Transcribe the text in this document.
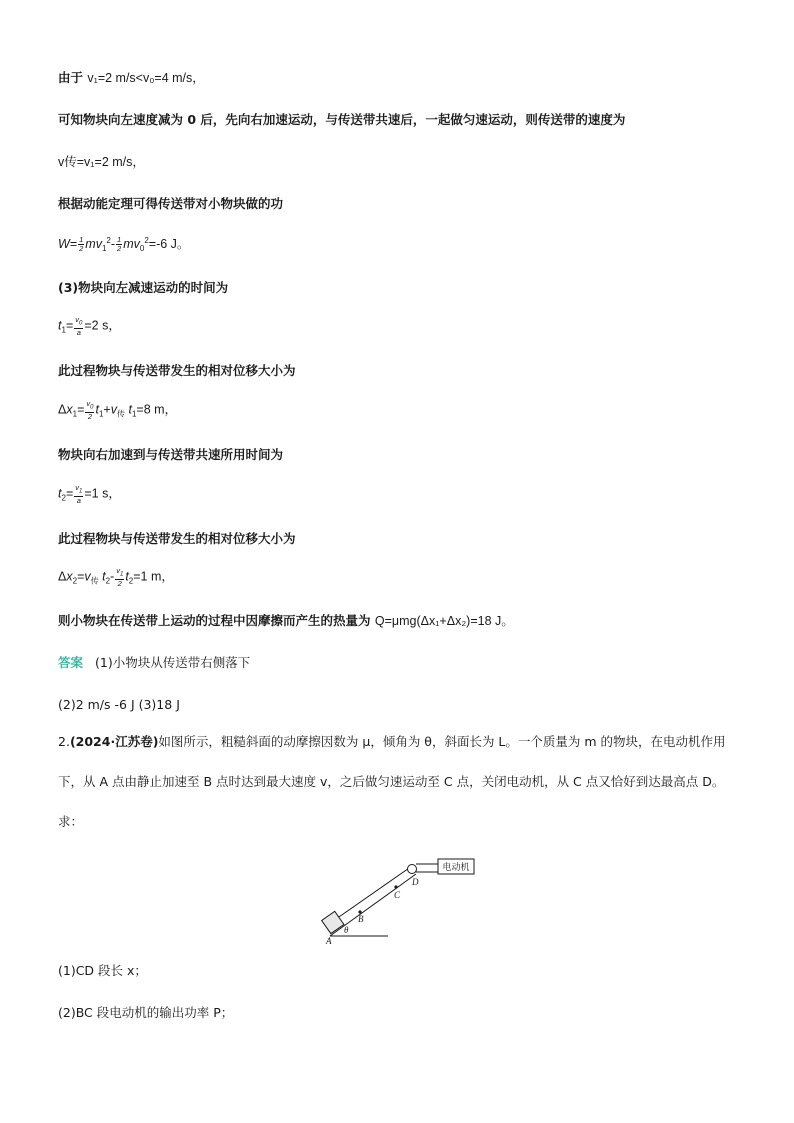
由于 v₁=2 m/s<v₀=4 m/s，
可知物块向左速度减为 0 后，先向右加速运动，与传送带共速后，一起做匀速运动，则传送带的速度为
v传=v₁=2 m/s，
根据动能定理可得传送带对小物块做的功
$W= \frac{1}{2} mv_1^2- \frac{1}{2} mv_0^2=-6$ J。
(3)物块向左减速运动的时间为
$t_1= \frac{v_0}{a} =2$ s，
此过程物块与传送带发生的相对位移大小为
$\Delta x_1= \frac{v_0}{2} t_1+v_传$ $t_1=8$ m，
物块向右加速到与传送带共速所用时间为
$t_2= \frac{v_1}{a} =1$ s，
此过程物块与传送带发生的相对位移大小为
$\Delta x_2=v_传$ $t_2- \frac{v_1}{2} t_2=1$ m，
则小物块在传送带上运动的过程中因摩擦而产生的热量为 Q=μmg(Δx₁+Δx₂)=18 J。
答案 (1)小物块从传送带右侧落下
(2)2 m/s -6 J (3)18 J
2.(2024·江苏卷)如图所示，粗糙斜面的动摩擦因数为 μ，倾角为 θ，斜面长为 L。一个质量为 m 的物块，在电动机作用下，从 A 点由静止加速至 B 点时达到最大速度 v，之后做匀速运动至 C 点，关闭电动机，从 C 点又恰好到达最高点 D。求：
电动机
A
B
C
D
θ
(1)CD 段长 x；
(2)BC 段电动机的输出功率 P；
